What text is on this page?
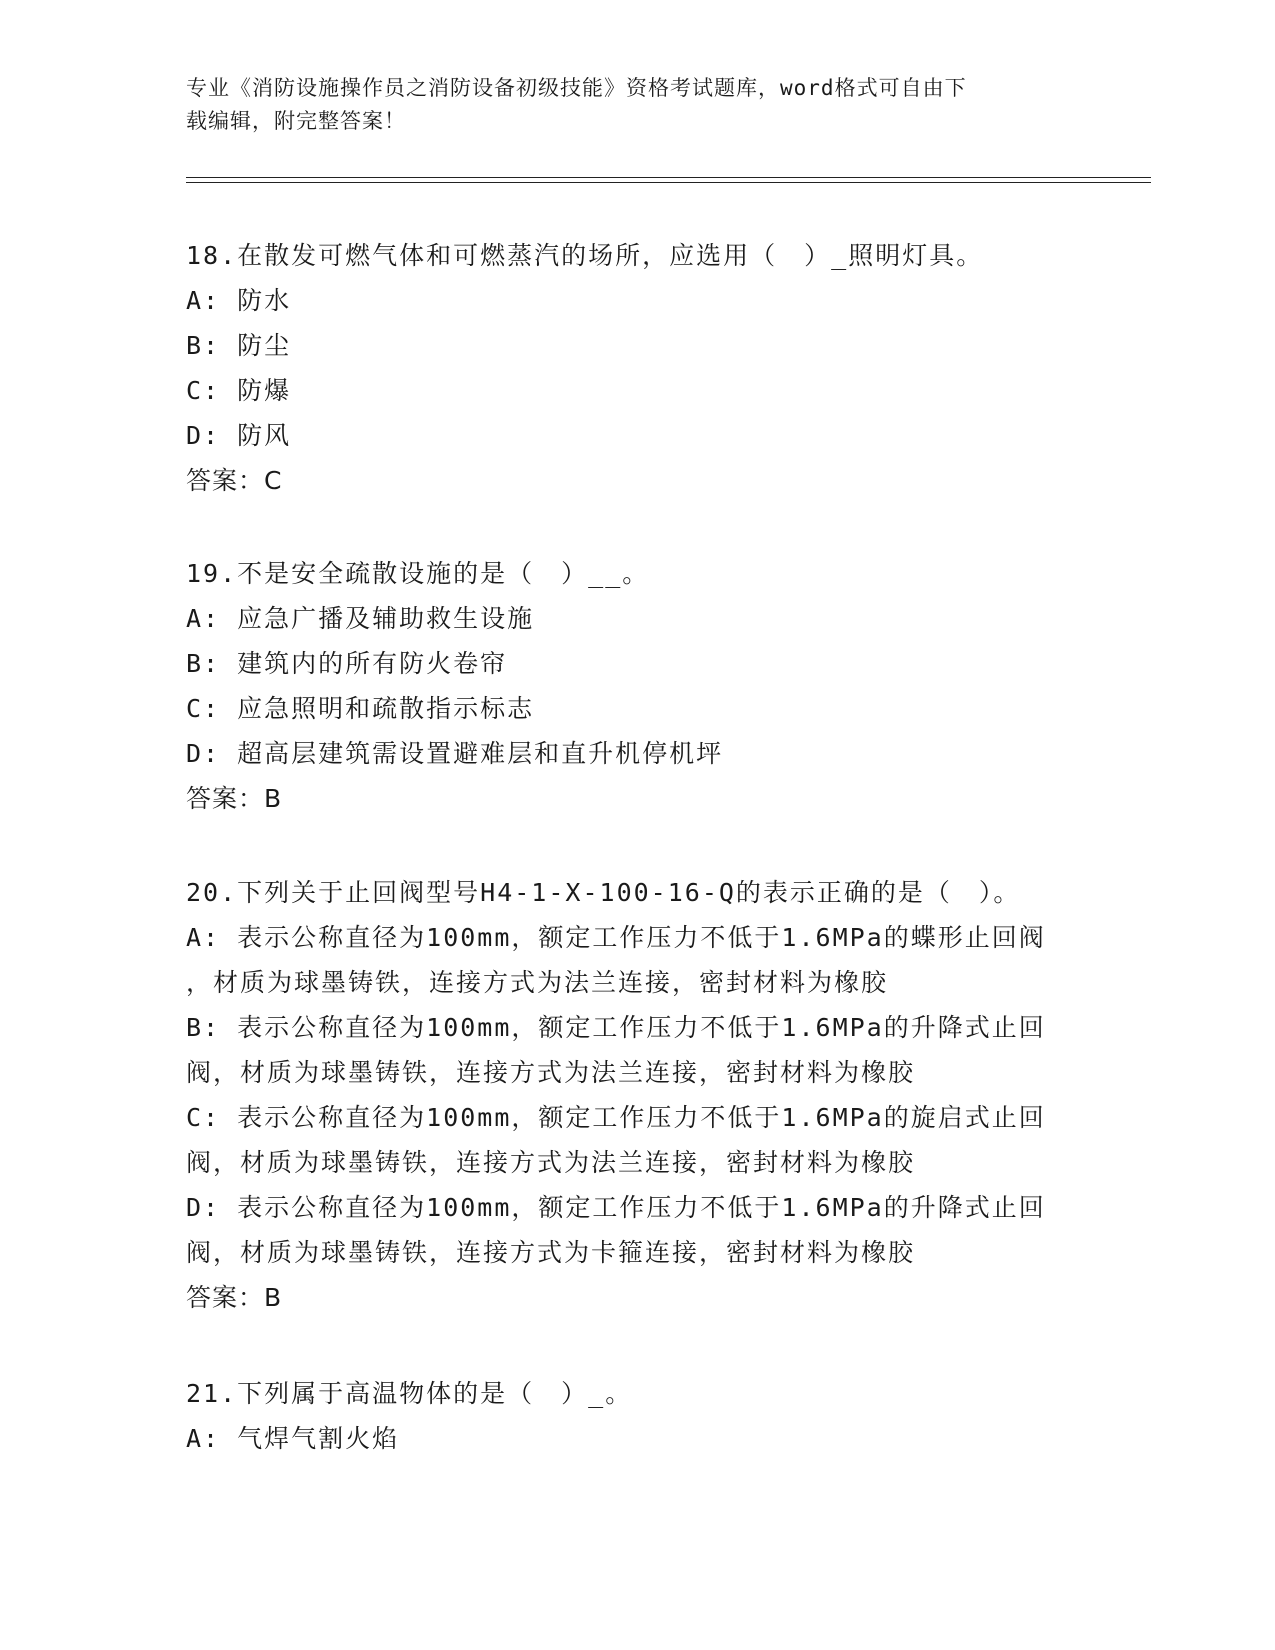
专业《消防设施操作员之消防设备初级技能》资格考试题库，word格式可自由下
载编辑，附完整答案！
18.在散发可燃气体和可燃蒸汽的场所，应选用（　）_照明灯具。
A: 防水
B: 防尘
C: 防爆
D: 防风
答案：C
19.不是安全疏散设施的是（　）__。
A: 应急广播及辅助救生设施
B: 建筑内的所有防火卷帘
C: 应急照明和疏散指示标志
D: 超高层建筑需设置避难层和直升机停机坪
答案：B
20.下列关于止回阀型号H4-1-X-100-16-Q的表示正确的是（　）。
A: 表示公称直径为100mm，额定工作压力不低于1.6MPa的蝶形止回阀
，材质为球墨铸铁，连接方式为法兰连接，密封材料为橡胶
B: 表示公称直径为100mm，额定工作压力不低于1.6MPa的升降式止回
阀，材质为球墨铸铁，连接方式为法兰连接，密封材料为橡胶
C: 表示公称直径为100mm，额定工作压力不低于1.6MPa的旋启式止回
阀，材质为球墨铸铁，连接方式为法兰连接，密封材料为橡胶
D: 表示公称直径为100mm，额定工作压力不低于1.6MPa的升降式止回
阀，材质为球墨铸铁，连接方式为卡箍连接，密封材料为橡胶
答案：B
21.下列属于高温物体的是（　）_。
A: 气焊气割火焰
